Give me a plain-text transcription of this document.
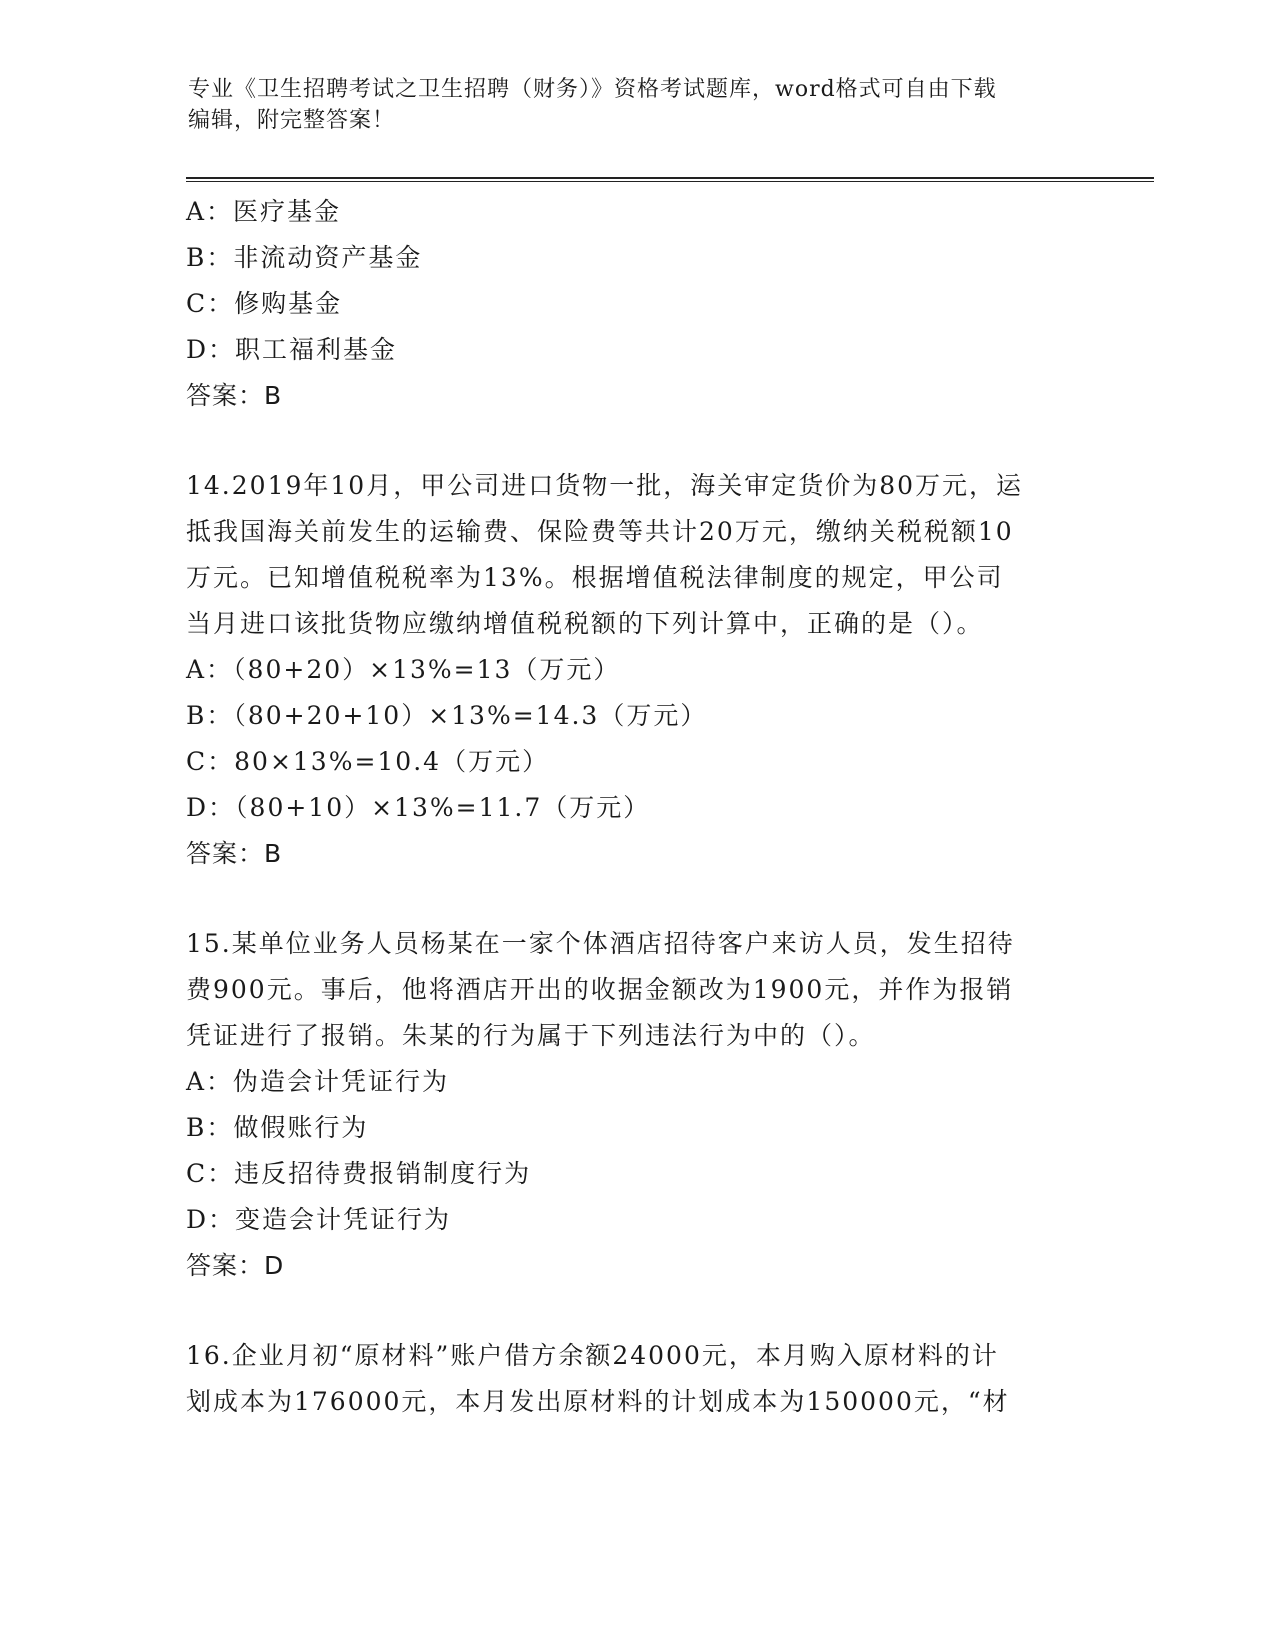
专业《卫生招聘考试之卫生招聘（财务）》资格考试题库，word格式可自由下载
编辑，附完整答案！
A：医疗基金
B：非流动资产基金
C：修购基金
D：职工福利基金
答案：B
14.2019年10月，甲公司进口货物一批，海关审定货价为80万元，运
抵我国海关前发生的运输费、保险费等共计20万元，缴纳关税税额10
万元。已知增值税税率为13%。根据增值税法律制度的规定，甲公司
当月进口该批货物应缴纳增值税税额的下列计算中，正确的是（）。
A：（80+20）×13%=13（万元）
B：（80+20+10）×13%=14.3（万元）
C：80×13%=10.4（万元）
D：（80+10）×13%=11.7（万元）
答案：B
15.某单位业务人员杨某在一家个体酒店招待客户来访人员，发生招待
费900元。事后，他将酒店开出的收据金额改为1900元，并作为报销
凭证进行了报销。朱某的行为属于下列违法行为中的（）。
A：伪造会计凭证行为
B：做假账行为
C：违反招待费报销制度行为
D：变造会计凭证行为
答案：D
16.企业月初“原材料”账户借方余额24000元，本月购入原材料的计
划成本为176000元，本月发出原材料的计划成本为150000元，“材
